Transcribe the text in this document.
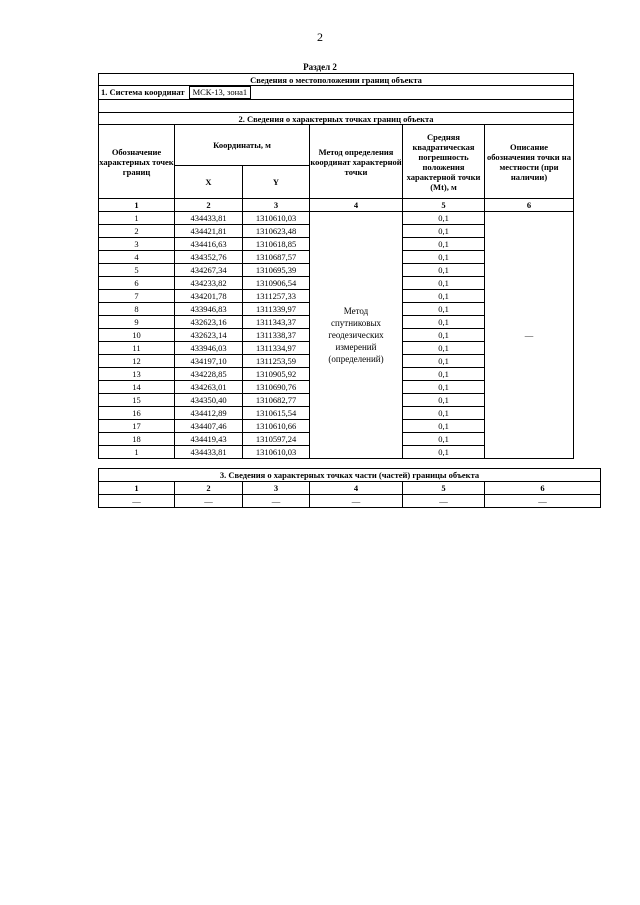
2
Раздел 2
Сведения о местоположении границ объекта					
1. Система координат МСК-13, зона1					

2. Сведения о характерных точках границ объекта					
Обозначение характерных точек границ	Координаты, м		Метод определения координат характерной точки	Средняя квадратическая погрешность положения характерной точки (Mt), м	Описание обозначения точки на местности (при наличии)
	X	Y			
1	2	3	4	5	6
1	434433,81	1310610,03	Метод спутниковых геодезических измерений (определений)	0,1	—
2	434421,81	1310623,48		0,1	
3	434416,63	1310618,85		0,1	
4	434352,76	1310687,57		0,1	
5	434267,34	1310695,39		0,1	
6	434233,82	1310906,54		0,1	
7	434201,78	1311257,33		0,1	
8	433946,83	1311339,97		0,1	
9	432623,16	1311343,37		0,1	
10	432623,14	1311338,37		0,1	
11	433946,03	1311334,97		0,1	
12	434197,10	1311253,59		0,1	
13	434228,85	1310905,92		0,1	
14	434263,01	1310690,76		0,1	
15	434350,40	1310682,77		0,1	
16	434412,89	1310615,54		0,1	
17	434407,46	1310610,66		0,1	
18	434419,43	1310597,24		0,1	
1	434433,81	1310610,03		0,1	
3. Сведения о характерных точках части (частей) границы объекта					
1	2	3	4	5	6
—	—	—	—	—	—
